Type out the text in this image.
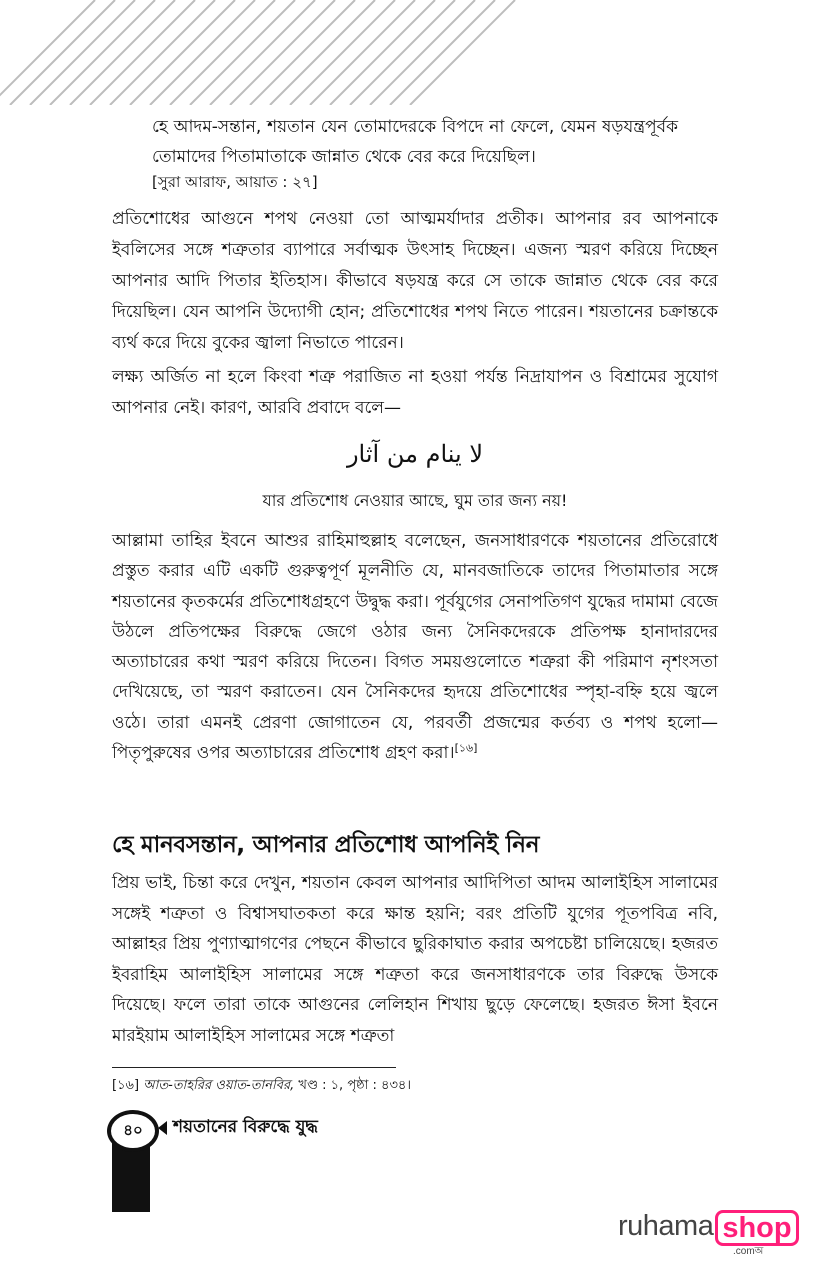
হে আদম-সন্তান, শয়তান যেন তোমাদেরকে বিপদে না ফেলে, যেমন ষড়যন্ত্রপূর্বক তোমাদের পিতামাতাকে জান্নাত থেকে বের করে দিয়েছিল।
[সুরা আরাফ, আয়াত : ২৭]
প্রতিশোধের আগুনে শপথ নেওয়া তো আত্মমর্যাদার প্রতীক। আপনার রব আপনাকে ইবলিসের সঙ্গে শত্রুতার ব্যাপারে সর্বাত্মক উৎসাহ দিচ্ছেন। এজন্য স্মরণ করিয়ে দিচ্ছেন আপনার আদি পিতার ইতিহাস। কীভাবে ষড়যন্ত্র করে সে তাকে জান্নাত থেকে বের করে দিয়েছিল। যেন আপনি উদ্যোগী হোন; প্রতিশোধের শপথ নিতে পারেন। শয়তানের চক্রান্তকে ব্যর্থ করে দিয়ে বুকের জ্বালা নিভাতে পারেন।
লক্ষ্য অর্জিত না হলে কিংবা শত্রু পরাজিত না হওয়া পর্যন্ত নিদ্রাযাপন ও বিশ্রামের সুযোগ আপনার নেই। কারণ, আরবি প্রবাদে বলে—
لا ينام من آثار
যার প্রতিশোধ নেওয়ার আছে, ঘুম তার জন্য নয়!
আল্লামা তাহির ইবনে আশুর রাহিমাহুল্লাহ বলেছেন, জনসাধারণকে শয়তানের প্রতিরোধে প্রস্তুত করার এটি একটি গুরুত্বপূর্ণ মূলনীতি যে, মানবজাতিকে তাদের পিতামাতার সঙ্গে শয়তানের কৃতকর্মের প্রতিশোধগ্রহণে উদ্বুদ্ধ করা। পূর্বযুগের সেনাপতিগণ যুদ্ধের দামামা বেজে উঠলে প্রতিপক্ষের বিরুদ্ধে জেগে ওঠার জন্য সৈনিকদেরকে প্রতিপক্ষ হানাদারদের অত্যাচারের কথা স্মরণ করিয়ে দিতেন। বিগত সময়গুলোতে শত্রুরা কী পরিমাণ নৃশংসতা দেখিয়েছে, তা স্মরণ করাতেন। যেন সৈনিকদের হৃদয়ে প্রতিশোধের স্পৃহা-বহ্নি হয়ে জ্বলে ওঠে। তারা এমনই প্রেরণা জোগাতেন যে, পরবর্তী প্রজন্মের কর্তব্য ও শপথ হলো—পিতৃপুরুষের ওপর অত্যাচারের প্রতিশোধ গ্রহণ করা।[১৬]
হে মানবসন্তান, আপনার প্রতিশোধ আপনিই নিন
প্রিয় ভাই, চিন্তা করে দেখুন, শয়তান কেবল আপনার আদিপিতা আদম আলাইহিস সালামের সঙ্গেই শত্রুতা ও বিশ্বাসঘাতকতা করে ক্ষান্ত হয়নি; বরং প্রতিটি যুগের পূতপবিত্র নবি, আল্লাহর প্রিয় পুণ্যাত্মাগণের পেছনে কীভাবে ছুরিকাঘাত করার অপচেষ্টা চালিয়েছে। হজরত ইবরাহিম আলাইহিস সালামের সঙ্গে শত্রুতা করে জনসাধারণকে তার বিরুদ্ধে উসকে দিয়েছে। ফলে তারা তাকে আগুনের লেলিহান শিখায় ছুড়ে ফেলেছে। হজরত ঈসা ইবনে মারইয়াম আলাইহিস সালামের সঙ্গে শত্রুতা
[১৬] আত-তাহরির ওয়াত-তানবির, খণ্ড : ১, পৃষ্ঠা : ৪৩৪।
৪০	শয়তানের বিরুদ্ধে যুদ্ধ
ruhama shop
.comঅ
